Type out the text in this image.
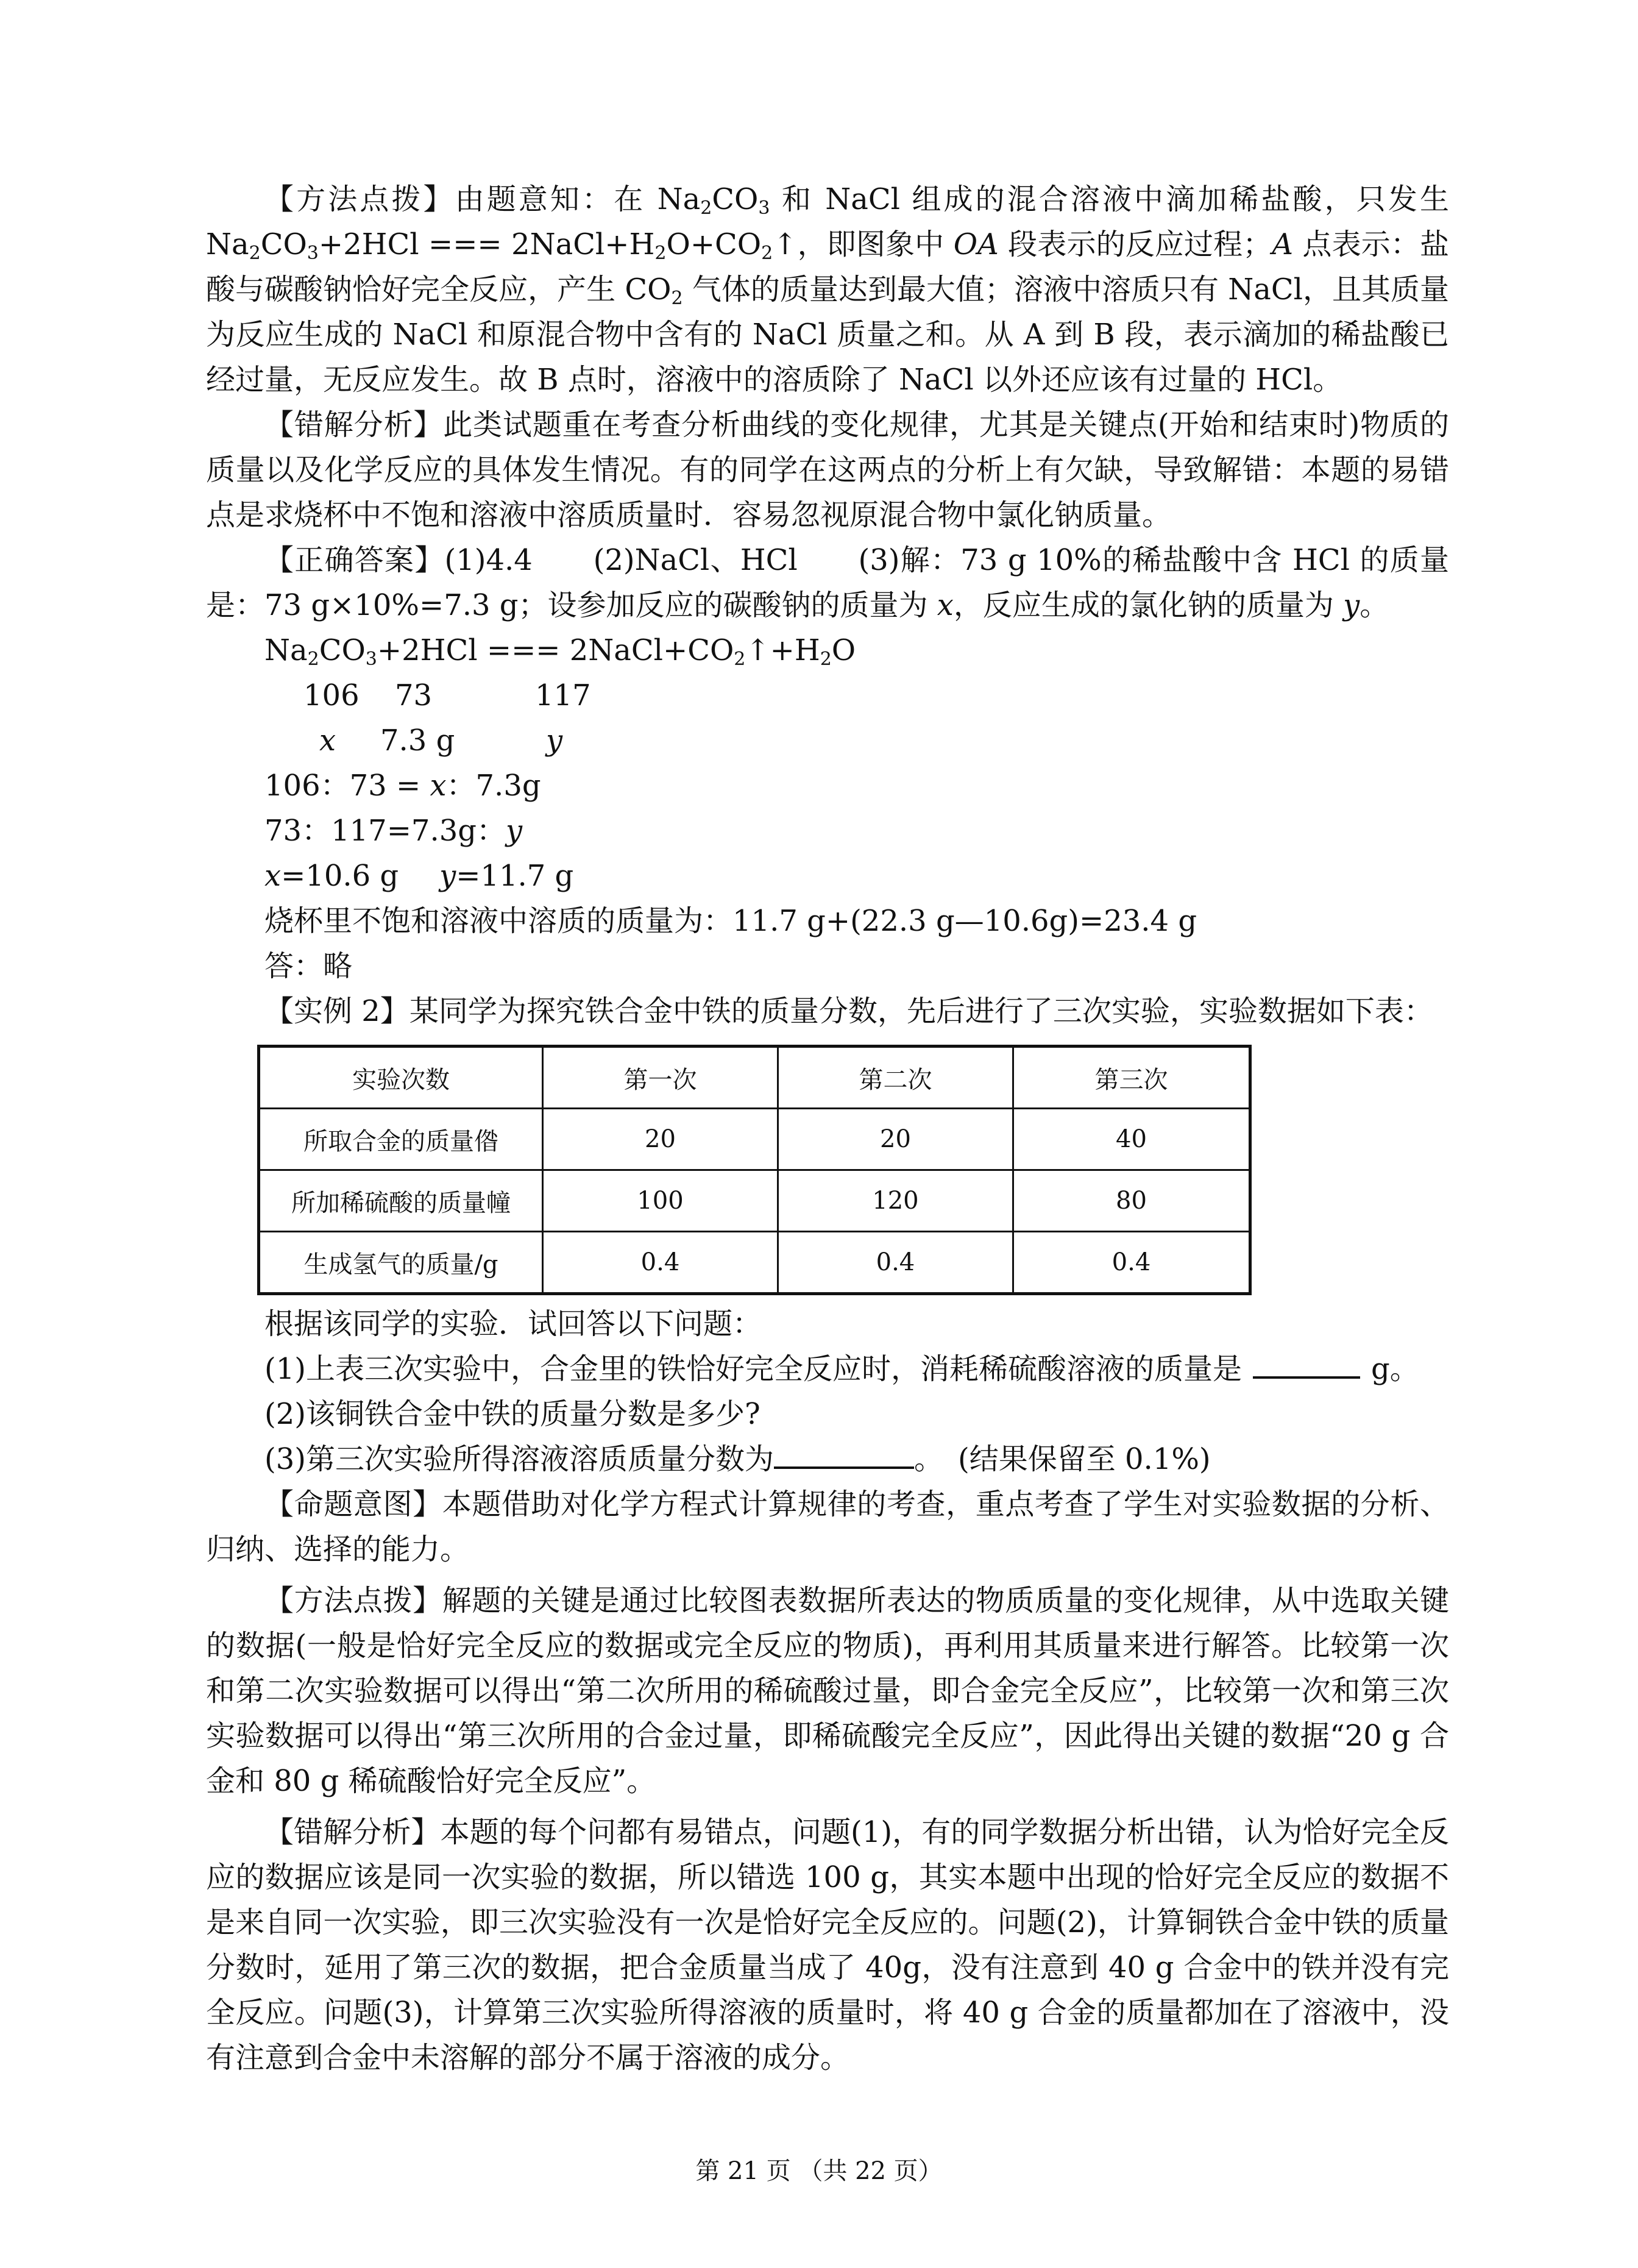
【方法点拨】由题意知：在 $Na_2CO_3$ 和 NaCl 组成的混合溶液中滴加稀盐酸，只发生 $Na_2CO_3+2HCl$ === $2NaCl+H_2O+CO_2↑$，即图象中 OA 段表示的反应过程；A 点表示：盐酸与碳酸钠恰好完全反应，产生 $CO_2$ 气体的质量达到最大值；溶液中溶质只有 NaCl，且其质量为反应生成的 NaCl 和原混合物中含有的 NaCl 质量之和。从 A 到 B 段，表示滴加的稀盐酸已经过量，无反应发生。故 B 点时，溶液中的溶质除了 NaCl 以外还应该有过量的 HCl。

【错解分析】此类试题重在考查分析曲线的变化规律，尤其是关键点(开始和结束时)物质的质量以及化学反应的具体发生情况。有的同学在这两点的分析上有欠缺，导致解错：本题的易错点是求烧杯中不饱和溶液中溶质质量时．容易忽视原混合物中氯化钠质量。

【正确答案】(1)4.4　　(2)NaCl、HCl　　(3)解：73 g 10%的稀盐酸中含 HCl 的质量是：73 g×10%=7.3 g；设参加反应的碳酸钠的质量为 x，反应生成的氯化钠的质量为 y。

$Na_2CO_3+2HCl$ === $2NaCl+CO_2↑+H_2O$

106 73	117

x 7.3 g	y

106：73 = x：7.3g

73：117=7.3g：y

x=10.6 g y=11.7 g

烧杯里不饱和溶液中溶质的质量为：11.7 g+(22.3 g—10.6g)=23.4 g

答：略

【实例 2】某同学为探究铁合金中铁的质量分数，先后进行了三次实验，实验数据如下表：

实验次数	第一次	第二次	第三次
所取合金的质量偺	20	20	40
所加稀硫酸的质量幢	100	120	80
生成氢气的质量/g	0.4	0.4	0.4

根据该同学的实验．试回答以下问题：

(1)上表三次实验中，合金里的铁恰好完全反应时，消耗稀硫酸溶液的质量是	g。

(2)该铜铁合金中铁的质量分数是多少?

(3)第三次实验所得溶液溶质质量分数为	。　(结果保留至 0.1%)

【命题意图】本题借助对化学方程式计算规律的考查，重点考查了学生对实验数据的分析、归纳、选择的能力。

【方法点拨】解题的关键是通过比较图表数据所表达的物质质量的变化规律，从中选取关键的数据(一般是恰好完全反应的数据或完全反应的物质)，再利用其质量来进行解答。比较第一次和第二次实验数据可以得出“第二次所用的稀硫酸过量，即合金完全反应”，比较第一次和第三次实验数据可以得出“第三次所用的合金过量，即稀硫酸完全反应”，因此得出关键的数据“20 g 合金和 80 g 稀硫酸恰好完全反应”。

【错解分析】本题的每个问都有易错点，问题(1)，有的同学数据分析出错，认为恰好完全反应的数据应该是同一次实验的数据，所以错选 100 g，其实本题中出现的恰好完全反应的数据不是来自同一次实验，即三次实验没有一次是恰好完全反应的。问题(2)，计算铜铁合金中铁的质量分数时，延用了第三次的数据，把合金质量当成了 40g，没有注意到 40 g 合金中的铁并没有完全反应。问题(3)，计算第三次实验所得溶液的质量时，将 40 g 合金的质量都加在了溶液中，没有注意到合金中未溶解的部分不属于溶液的成分。

第 21 页 （共 22 页）
